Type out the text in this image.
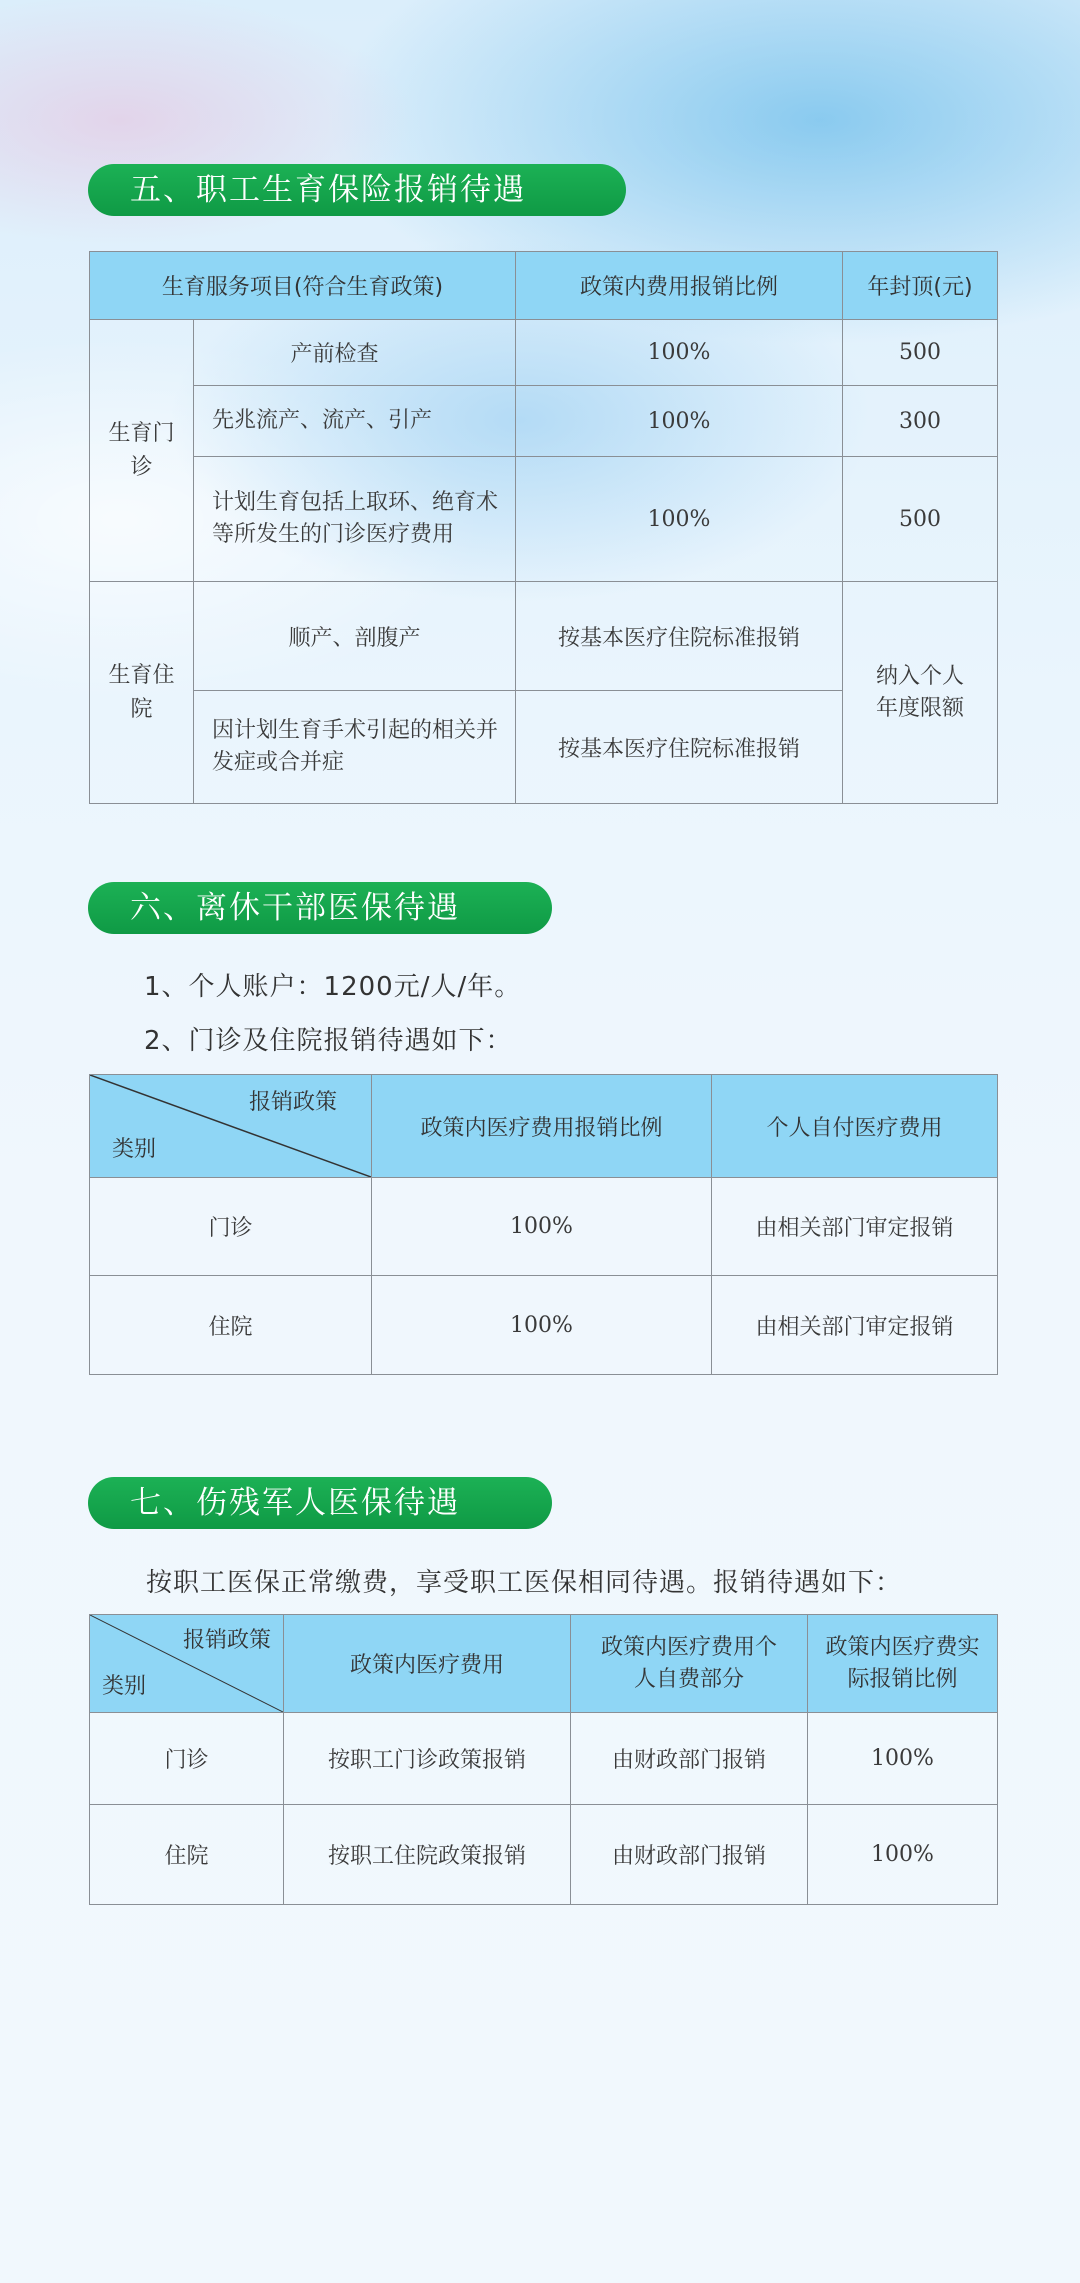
五、职工生育保险报销待遇
生育服务项目(符合生育政策)		政策内费用报销比例	年封顶(元)
生育门诊	产前检查	100%	500
	先兆流产、流产、引产	100%	300
	计划生育包括上取环、绝育术等所发生的门诊医疗费用	100%	500
生育住院	顺产、剖腹产	按基本医疗住院标准报销	纳入个人年度限额
	因计划生育手术引起的相关并发症或合并症	按基本医疗住院标准报销	
六、离休干部医保待遇
1、个人账户：1200元/人/年。
2、门诊及住院报销待遇如下：
报销政策
类别	政策内医疗费用报销比例	个人自付医疗费用
门诊	100%	由相关部门审定报销
住院	100%	由相关部门审定报销
七、伤残军人医保待遇
按职工医保正常缴费，享受职工医保相同待遇。报销待遇如下：
报销政策
类别	政策内医疗费用	政策内医疗费用个人自费部分	政策内医疗费实际报销比例
门诊	按职工门诊政策报销	由财政部门报销	100%
住院	按职工住院政策报销	由财政部门报销	100%
